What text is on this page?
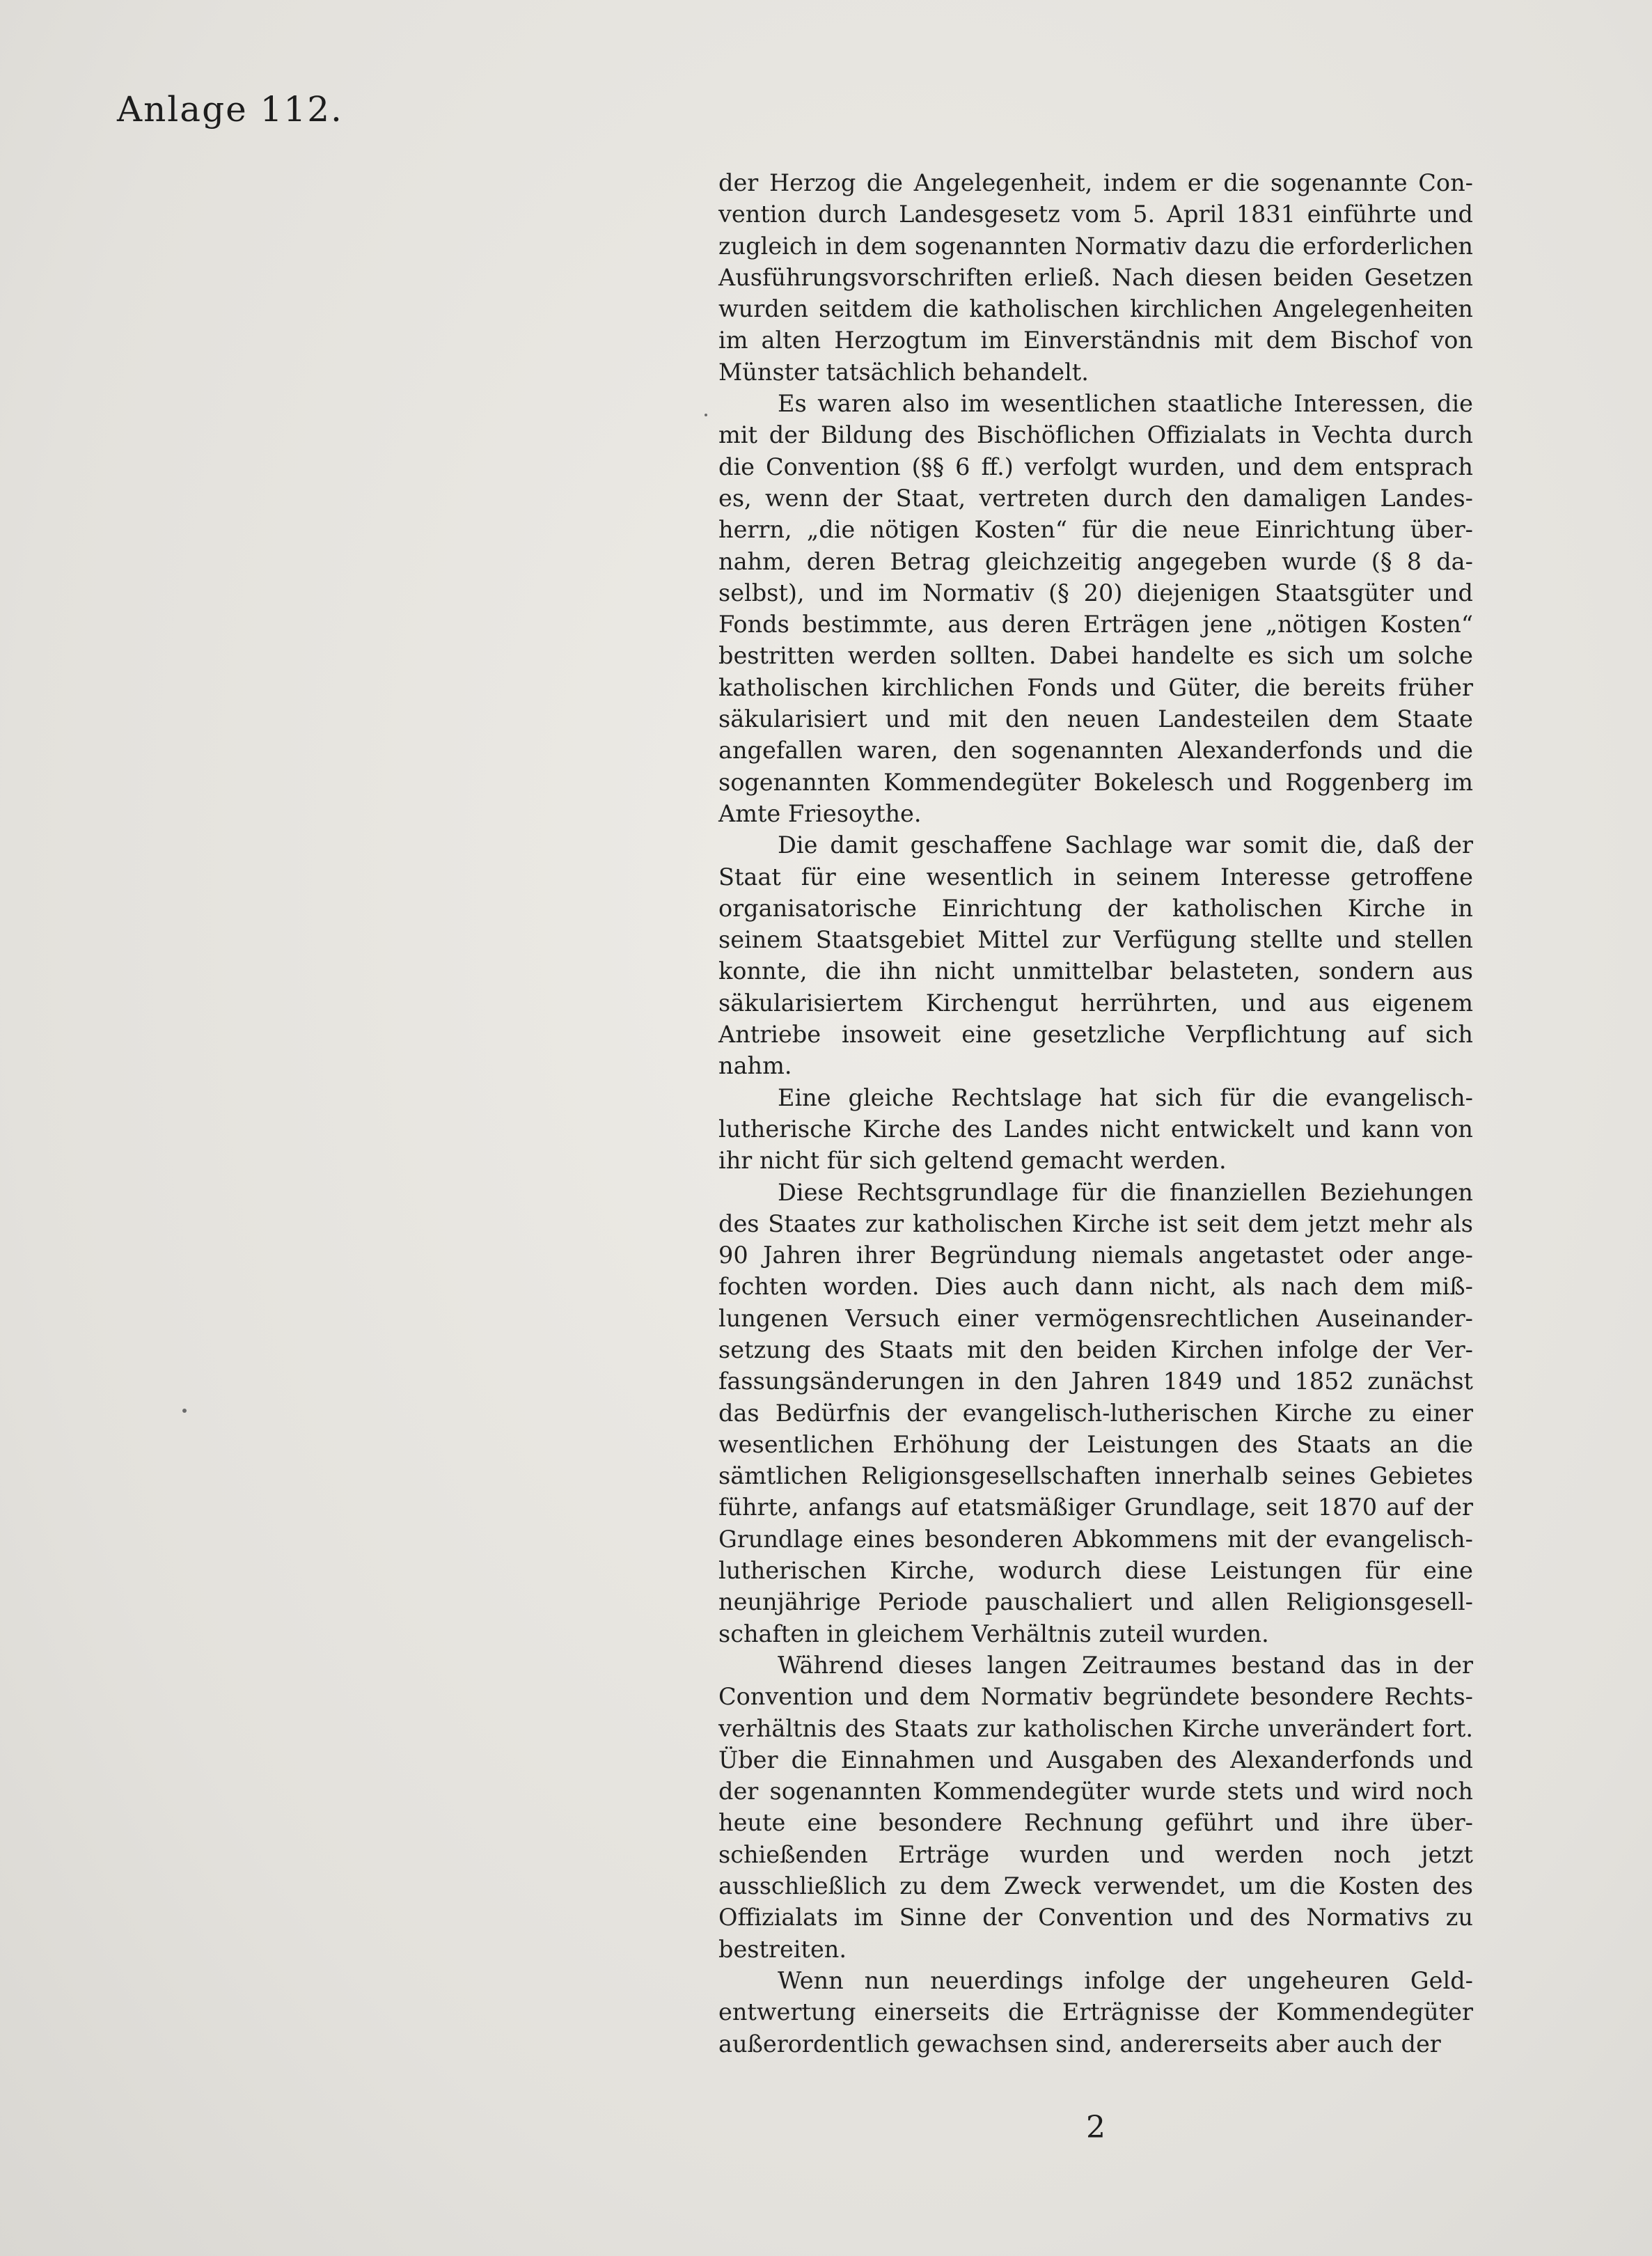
Anlage 112.

der Herzog die Angelegenheit, indem er die sogenannte Convention durch Landesgesetz vom 5. April 1831 einführte und zugleich in dem sogenannten Normativ dazu die erforderlichen Ausführungsvorschriften erließ. Nach diesen beiden Gesetzen wurden seitdem die katholischen kirchlichen Angelegenheiten im alten Herzogtum im Einverständnis mit dem Bischof von Münster tatsächlich behandelt.

Es waren also im wesentlichen staatliche Interessen, die mit der Bildung des Bischöflichen Offizialats in Vechta durch die Convention (§§ 6 ff.) verfolgt wurden, und dem entsprach es, wenn der Staat, vertreten durch den damaligen Landesherrn, „die nötigen Kosten“ für die neue Einrichtung übernahm, deren Betrag gleichzeitig angegeben wurde (§ 8 daselbst), und im Normativ (§ 20) diejenigen Staatsgüter und Fonds bestimmte, aus deren Erträgen jene „nötigen Kosten“ bestritten werden sollten. Dabei handelte es sich um solche katholischen kirchlichen Fonds und Güter, die bereits früher säkularisiert und mit den neuen Landesteilen dem Staate angefallen waren, den sogenannten Alexanderfonds und die sogenannten Kommendegüter Bokelesch und Roggenberg im Amte Friesoythe.

Die damit geschaffene Sachlage war somit die, daß der Staat für eine wesentlich in seinem Interesse getroffene organisatorische Einrichtung der katholischen Kirche in seinem Staatsgebiet Mittel zur Verfügung stellte und stellen konnte, die ihn nicht unmittelbar belasteten, sondern aus säkularisiertem Kirchengut herrührten, und aus eigenem Antriebe insoweit eine gesetzliche Verpflichtung auf sich nahm.

Eine gleiche Rechtslage hat sich für die evangelisch-lutherische Kirche des Landes nicht entwickelt und kann von ihr nicht für sich geltend gemacht werden.

Diese Rechtsgrundlage für die finanziellen Beziehungen des Staates zur katholischen Kirche ist seit dem jetzt mehr als 90 Jahren ihrer Begründung niemals angetastet oder angefochten worden. Dies auch dann nicht, als nach dem mißlungenen Versuch einer vermögensrechtlichen Auseinandersetzung des Staats mit den beiden Kirchen infolge der Verfassungsänderungen in den Jahren 1849 und 1852 zunächst das Bedürfnis der evangelisch-lutherischen Kirche zu einer wesentlichen Erhöhung der Leistungen des Staats an die sämtlichen Religionsgesellschaften innerhalb seines Gebietes führte, anfangs auf etatsmäßiger Grundlage, seit 1870 auf der Grundlage eines besonderen Abkommens mit der evangelisch-lutherischen Kirche, wodurch diese Leistungen für eine neunjährige Periode pauschaliert und allen Religionsgesellschaften in gleichem Verhältnis zuteil wurden.

Während dieses langen Zeitraumes bestand das in der Convention und dem Normativ begründete besondere Rechtsverhältnis des Staats zur katholischen Kirche unverändert fort. Über die Einnahmen und Ausgaben des Alexanderfonds und der sogenannten Kommendegüter wurde stets und wird noch heute eine besondere Rechnung geführt und ihre überschießenden Erträge wurden und werden noch jetzt ausschließlich zu dem Zweck verwendet, um die Kosten des Offizialats im Sinne der Convention und des Normativs zu bestreiten.

Wenn nun neuerdings infolge der ungeheuren Geldentwertung einerseits die Erträgnisse der Kommendegüter außerordentlich gewachsen sind, andererseits aber auch der

2
